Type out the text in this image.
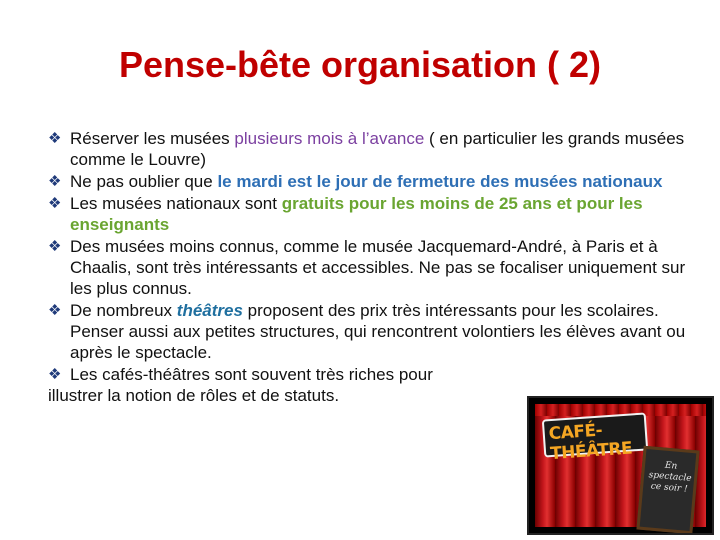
Pense-bête organisation ( 2)
❖ Réserver les musées plusieurs mois à l’avance ( en particulier les grands musées comme le Louvre)
❖ Ne pas oublier que le mardi est le jour de fermeture des musées nationaux
❖ Les musées nationaux sont gratuits pour les moins de 25 ans et pour les enseignants
❖ Des musées moins connus, comme le musée Jacquemard-André, à Paris et à Chaalis, sont très intéressants et accessibles. Ne pas se focaliser uniquement sur les plus connus.
❖ De nombreux théâtres proposent des prix très intéressants pour les scolaires. Penser aussi aux petites structures, qui rencontrent volontiers les élèves avant ou après le spectacle.
❖ Les cafés-théâtres sont souvent très riches pour
illustrer la notion de rôles et de statuts.
CAFÉ-THÉÂTRE
En spectacle ce soir !
